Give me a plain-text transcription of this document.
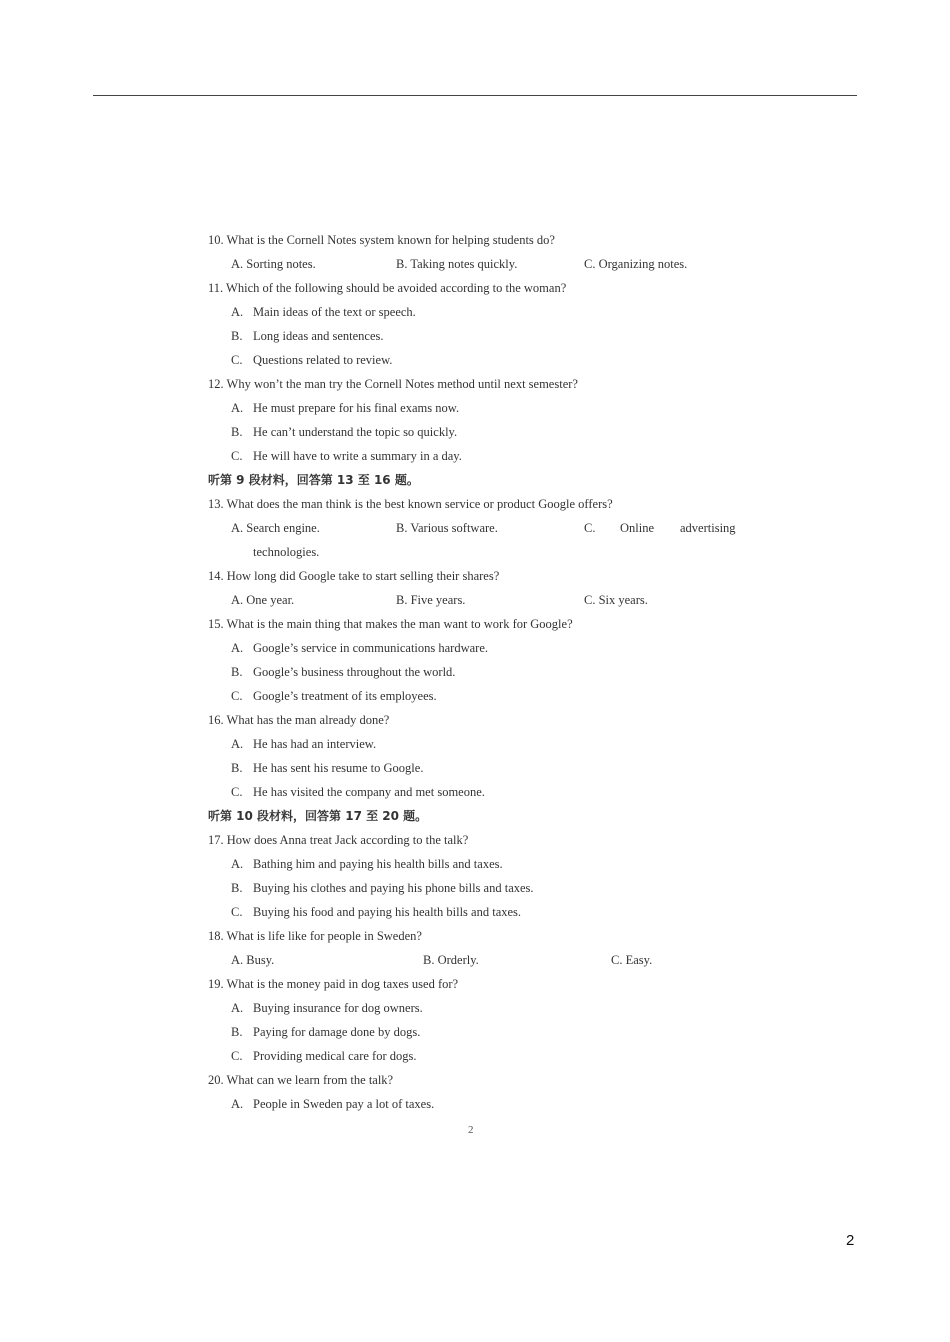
10. What is the Cornell Notes system known for helping students do?
A. Sorting notes.	B. Taking notes quickly.	C. Organizing notes.
11. Which of the following should be avoided according to the woman?
A. Main ideas of the text or speech.
B. Long ideas and sentences.
C. Questions related to review.
12. Why won’t the man try the Cornell Notes method until next semester?
A. He must prepare for his final exams now.
B. He can’t understand the topic so quickly.
C. He will have to write a summary in a day.
听第 9 段材料，回答第 13 至 16 题。
13. What does the man think is the best known service or product Google offers?
A. Search engine.	B. Various software.	C. Online advertising
technologies.
14. How long did Google take to start selling their shares?
A. One year.	B. Five years.	C. Six years.
15. What is the main thing that makes the man want to work for Google?
A. Google’s service in communications hardware.
B. Google’s business throughout the world.
C. Google’s treatment of its employees.
16. What has the man already done?
A. He has had an interview.
B. He has sent his resume to Google.
C. He has visited the company and met someone.
听第 10 段材料，回答第 17 至 20 题。
17. How does Anna treat Jack according to the talk?
A. Bathing him and paying his health bills and taxes.
B. Buying his clothes and paying his phone bills and taxes.
C. Buying his food and paying his health bills and taxes.
18. What is life like for people in Sweden?
A. Busy.	B. Orderly.	C. Easy.
19. What is the money paid in dog taxes used for?
A. Buying insurance for dog owners.
B. Paying for damage done by dogs.
C. Providing medical care for dogs.
20. What can we learn from the talk?
A. People in Sweden pay a lot of taxes.
2
2
